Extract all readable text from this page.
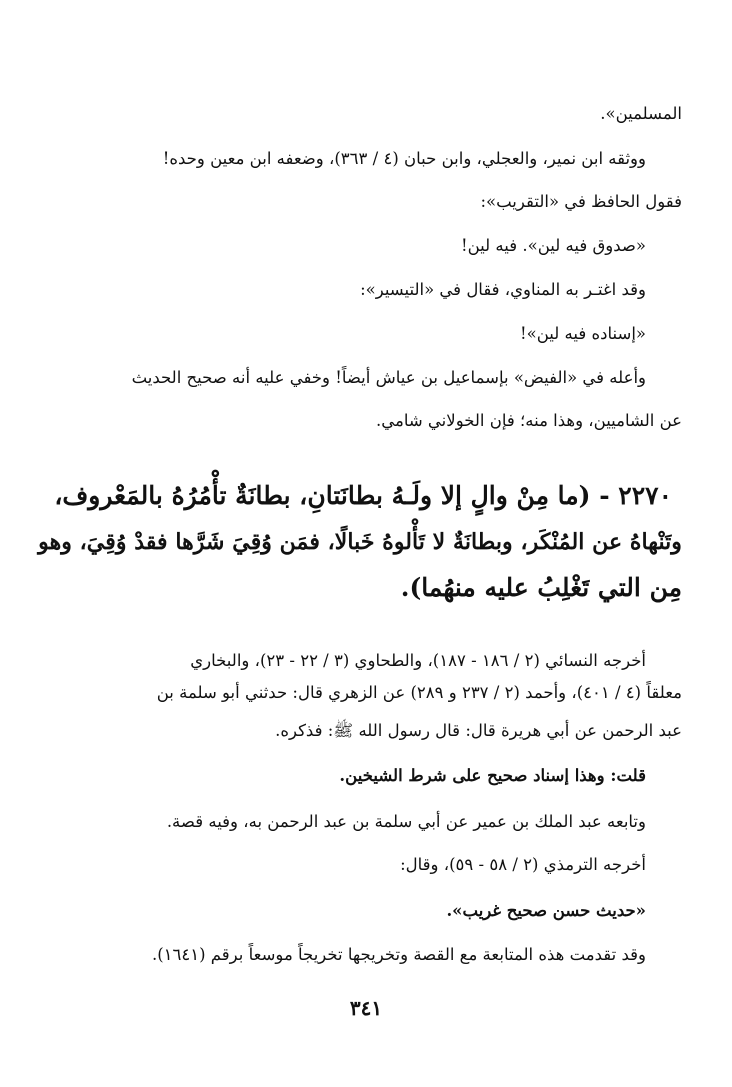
المسلمين».
ووثقه ابن نمير، والعجلي، وابن حبان (٤ / ٣٦٣)، وضعفه ابن معين وحده!
فقول الحافظ في «التقريب»:
«صدوق فيه لين». فيه لين!
وقد اغتـر به المناوي، فقال في «التيسير»:
«إسناده فيه لين»!
وأعله في «الفيض» بإسماعيل بن عياش أيضاً! وخفي عليه أنه صحيح الحديث
عن الشاميين، وهذا منه؛ فإن الخولاني شامي.
٢٢٧٠ - (ما مِنْ والٍ إلا ولَـهُ بطانَتانِ، بطانَةٌ تأْمُرُهُ بالمَعْروف،
وتَنْهاهُ عن المُنْكَر، وبطانَةٌ لا تَأْلوهُ خَبالًا، فمَن وُقِيَ شَرَّها فقدْ وُقِيَ، وهو
مِن التي تَغْلِبُ عليه منهُما).
أخرجه النسائي (٢ / ١٨٦ - ١٨٧)، والطحاوي (٣ / ٢٢ - ٢٣)، والبخاري
معلقاً (٤ / ٤٠١)، وأحمد (٢ / ٢٣٧ و ٢٨٩) عن الزهري قال: حدثني أبو سلمة بن
عبد الرحمن عن أبي هريرة قال: قال رسول الله ﷺ: فذكره.
قلت: وهذا إسناد صحيح على شرط الشيخين.
وتابعه عبد الملك بن عمير عن أبي سلمة بن عبد الرحمن به، وفيه قصة.
أخرجه الترمذي (٢ / ٥٨ - ٥٩)، وقال:
«حديث حسن صحيح غريب».
وقد تقدمت هذه المتابعة مع القصة وتخريجها تخريجاً موسعاً برقم (١٦٤١).
٣٤١
